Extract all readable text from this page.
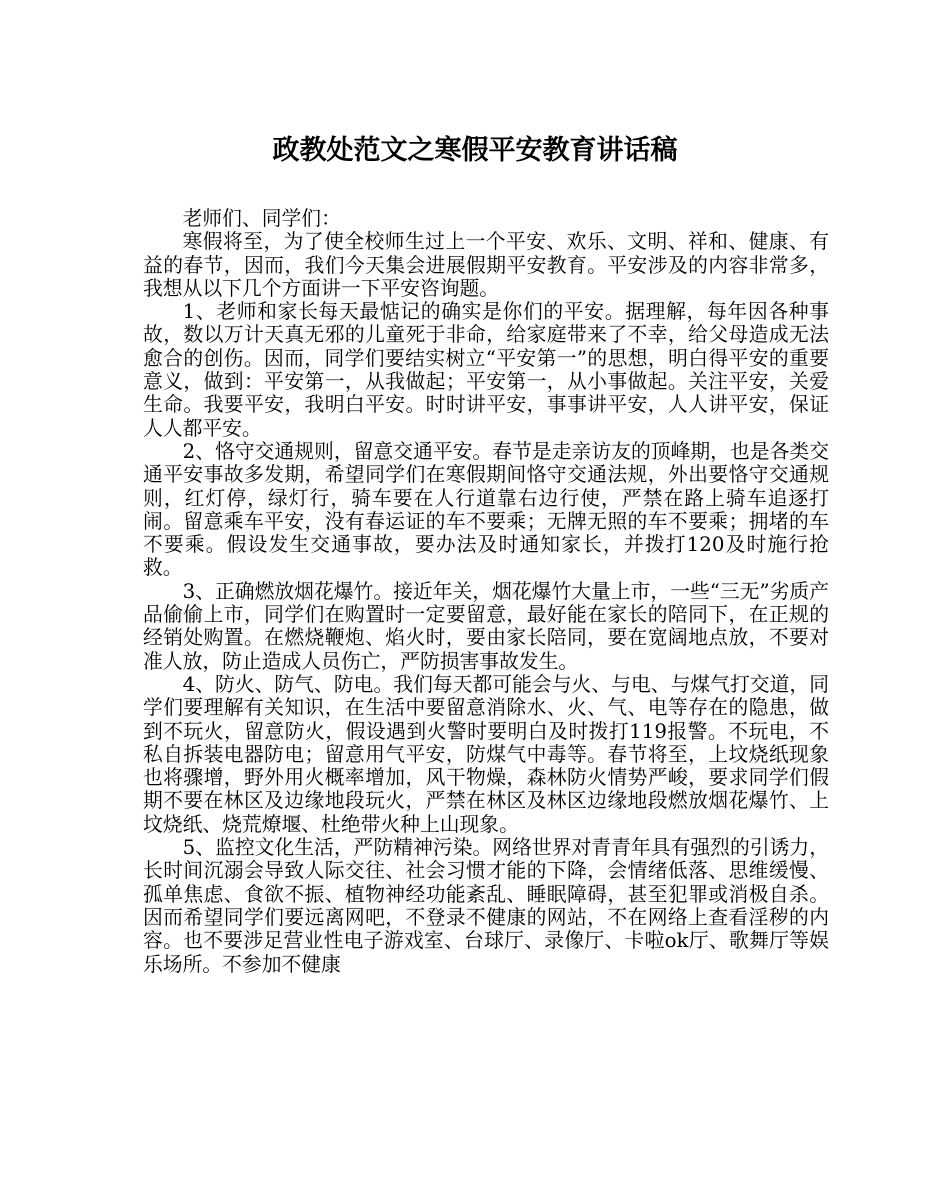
政教处范文之寒假平安教育讲话稿

老师们、同学们：

寒假将至，为了使全校师生过上一个平安、欢乐、文明、祥和、健康、有益的春节，因而，我们今天集会进展假期平安教育。平安涉及的内容非常多，我想从以下几个方面讲一下平安咨询题。

1、老师和家长每天最惦记的确实是你们的平安。据理解，每年因各种事故，数以万计天真无邪的儿童死于非命，给家庭带来了不幸，给父母造成无法愈合的创伤。因而，同学们要结实树立“平安第一”的思想，明白得平安的重要意义，做到：平安第一，从我做起；平安第一，从小事做起。关注平安，关爱生命。我要平安，我明白平安。时时讲平安，事事讲平安，人人讲平安，保证人人都平安。

2、恪守交通规则，留意交通平安。春节是走亲访友的顶峰期，也是各类交通平安事故多发期，希望同学们在寒假期间恪守交通法规，外出要恪守交通规则，红灯停，绿灯行，骑车要在人行道靠右边行使，严禁在路上骑车追逐打闹。留意乘车平安，没有春运证的车不要乘；无牌无照的车不要乘；拥堵的车不要乘。假设发生交通事故，要办法及时通知家长，并拨打120及时施行抢救。

3、正确燃放烟花爆竹。接近年关，烟花爆竹大量上市，一些“三无”劣质产品偷偷上市，同学们在购置时一定要留意，最好能在家长的陪同下，在正规的经销处购置。在燃烧鞭炮、焰火时，要由家长陪同，要在宽阔地点放，不要对准人放，防止造成人员伤亡，严防损害事故发生。

4、防火、防气、防电。我们每天都可能会与火、与电、与煤气打交道，同学们要理解有关知识，在生活中要留意消除水、火、气、电等存在的隐患，做到不玩火，留意防火，假设遇到火警时要明白及时拨打119报警。不玩电，不私自拆装电器防电；留意用气平安，防煤气中毒等。春节将至，上坟烧纸现象也将骤增，野外用火概率增加，风干物燥，森林防火情势严峻，要求同学们假期不要在林区及边缘地段玩火，严禁在林区及林区边缘地段燃放烟花爆竹、上坟烧纸、烧荒燎堰、杜绝带火种上山现象。

5、监控文化生活，严防精神污染。网络世界对青青年具有强烈的引诱力，长时间沉溺会导致人际交往、社会习惯才能的下降，会情绪低落、思维缓慢、孤单焦虑、食欲不振、植物神经功能紊乱、睡眠障碍，甚至犯罪或消极自杀。因而希望同学们要远离网吧，不登录不健康的网站，不在网络上查看淫秽的内容。也不要涉足营业性电子游戏室、台球厅、录像厅、卡啦ok厅、歌舞厅等娱乐场所。不参加不健康
